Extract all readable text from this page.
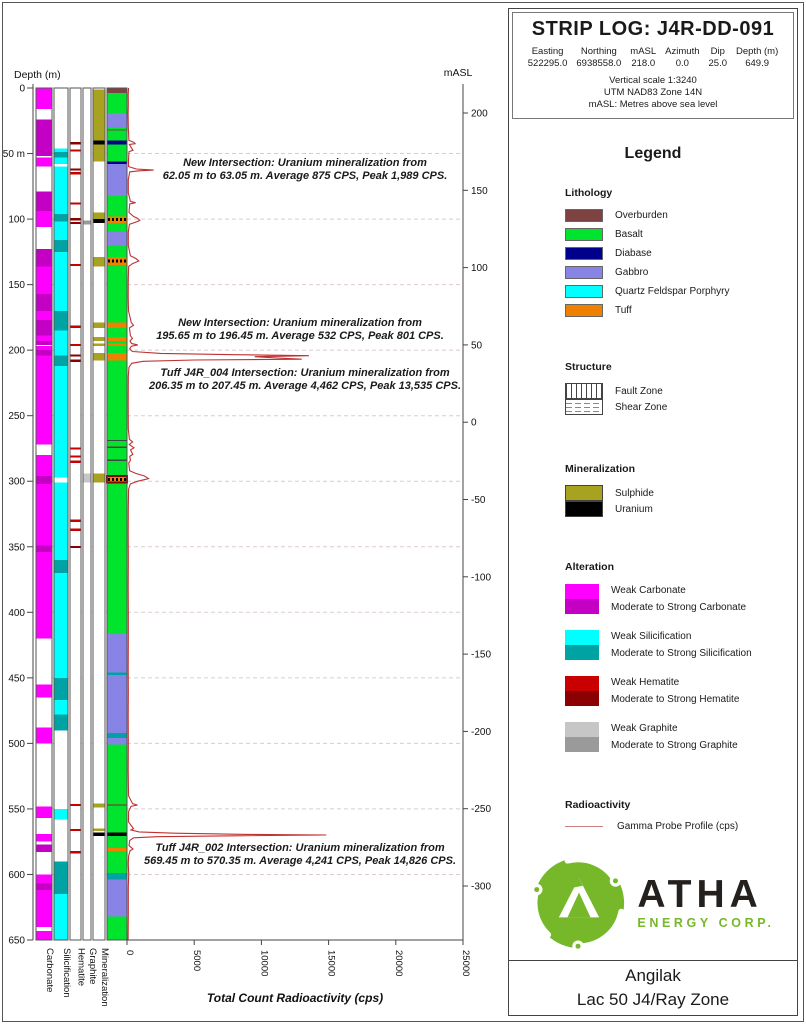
Depth (m)
0
50 m
100
150
200
250
300
350
400
450
500
550
600
650
mASL
200
150
100
50
0
-50
-100
-150
-200
-250
-300
0	5000	10000	15000	20000	25000
Total Count Radioactivity (cps)
Carbonate Silicification Hematite Graphite Mineralization
New Intersection: Uranium mineralization from
62.05 m to 63.05 m. Average 875 CPS, Peak 1,989 CPS.
New Intersection: Uranium mineralization from
195.65 m to 196.45 m. Average 532 CPS, Peak 801 CPS.
Tuff J4R_004 Intersection: Uranium mineralization from
206.35 m to 207.45 m. Average 4,462 CPS, Peak 13,535 CPS.
Tuff J4R_002 Intersection: Uranium mineralization from
569.45 m to 570.35 m. Average 4,241 CPS, Peak 14,826 CPS.
STRIP LOG: J4R-DD-091
Easting
522295.0
Northing
6938558.0
mASL
218.0
Azimuth
0.0
Dip
25.0
Depth (m)
649.9
Vertical scale 1:3240
UTM NAD83 Zone 14N
mASL: Metres above sea level
Legend
Lithology
Overburden
Basalt
Diabase
Gabbro
Quartz Feldspar Porphyry
Tuff
Structure
Fault Zone
Shear Zone
Mineralization
Sulphide
Uranium
Alteration
Weak Carbonate
Moderate to Strong Carbonate
Weak Silicification
Moderate to Strong Silicification
Weak Hematite
Moderate to Strong Hematite
Weak Graphite
Moderate to Strong Graphite
Radioactivity
Gamma Probe Profile (cps)
ATHA
ENERGY CORP.
Angilak
Lac 50 J4/Ray Zone
